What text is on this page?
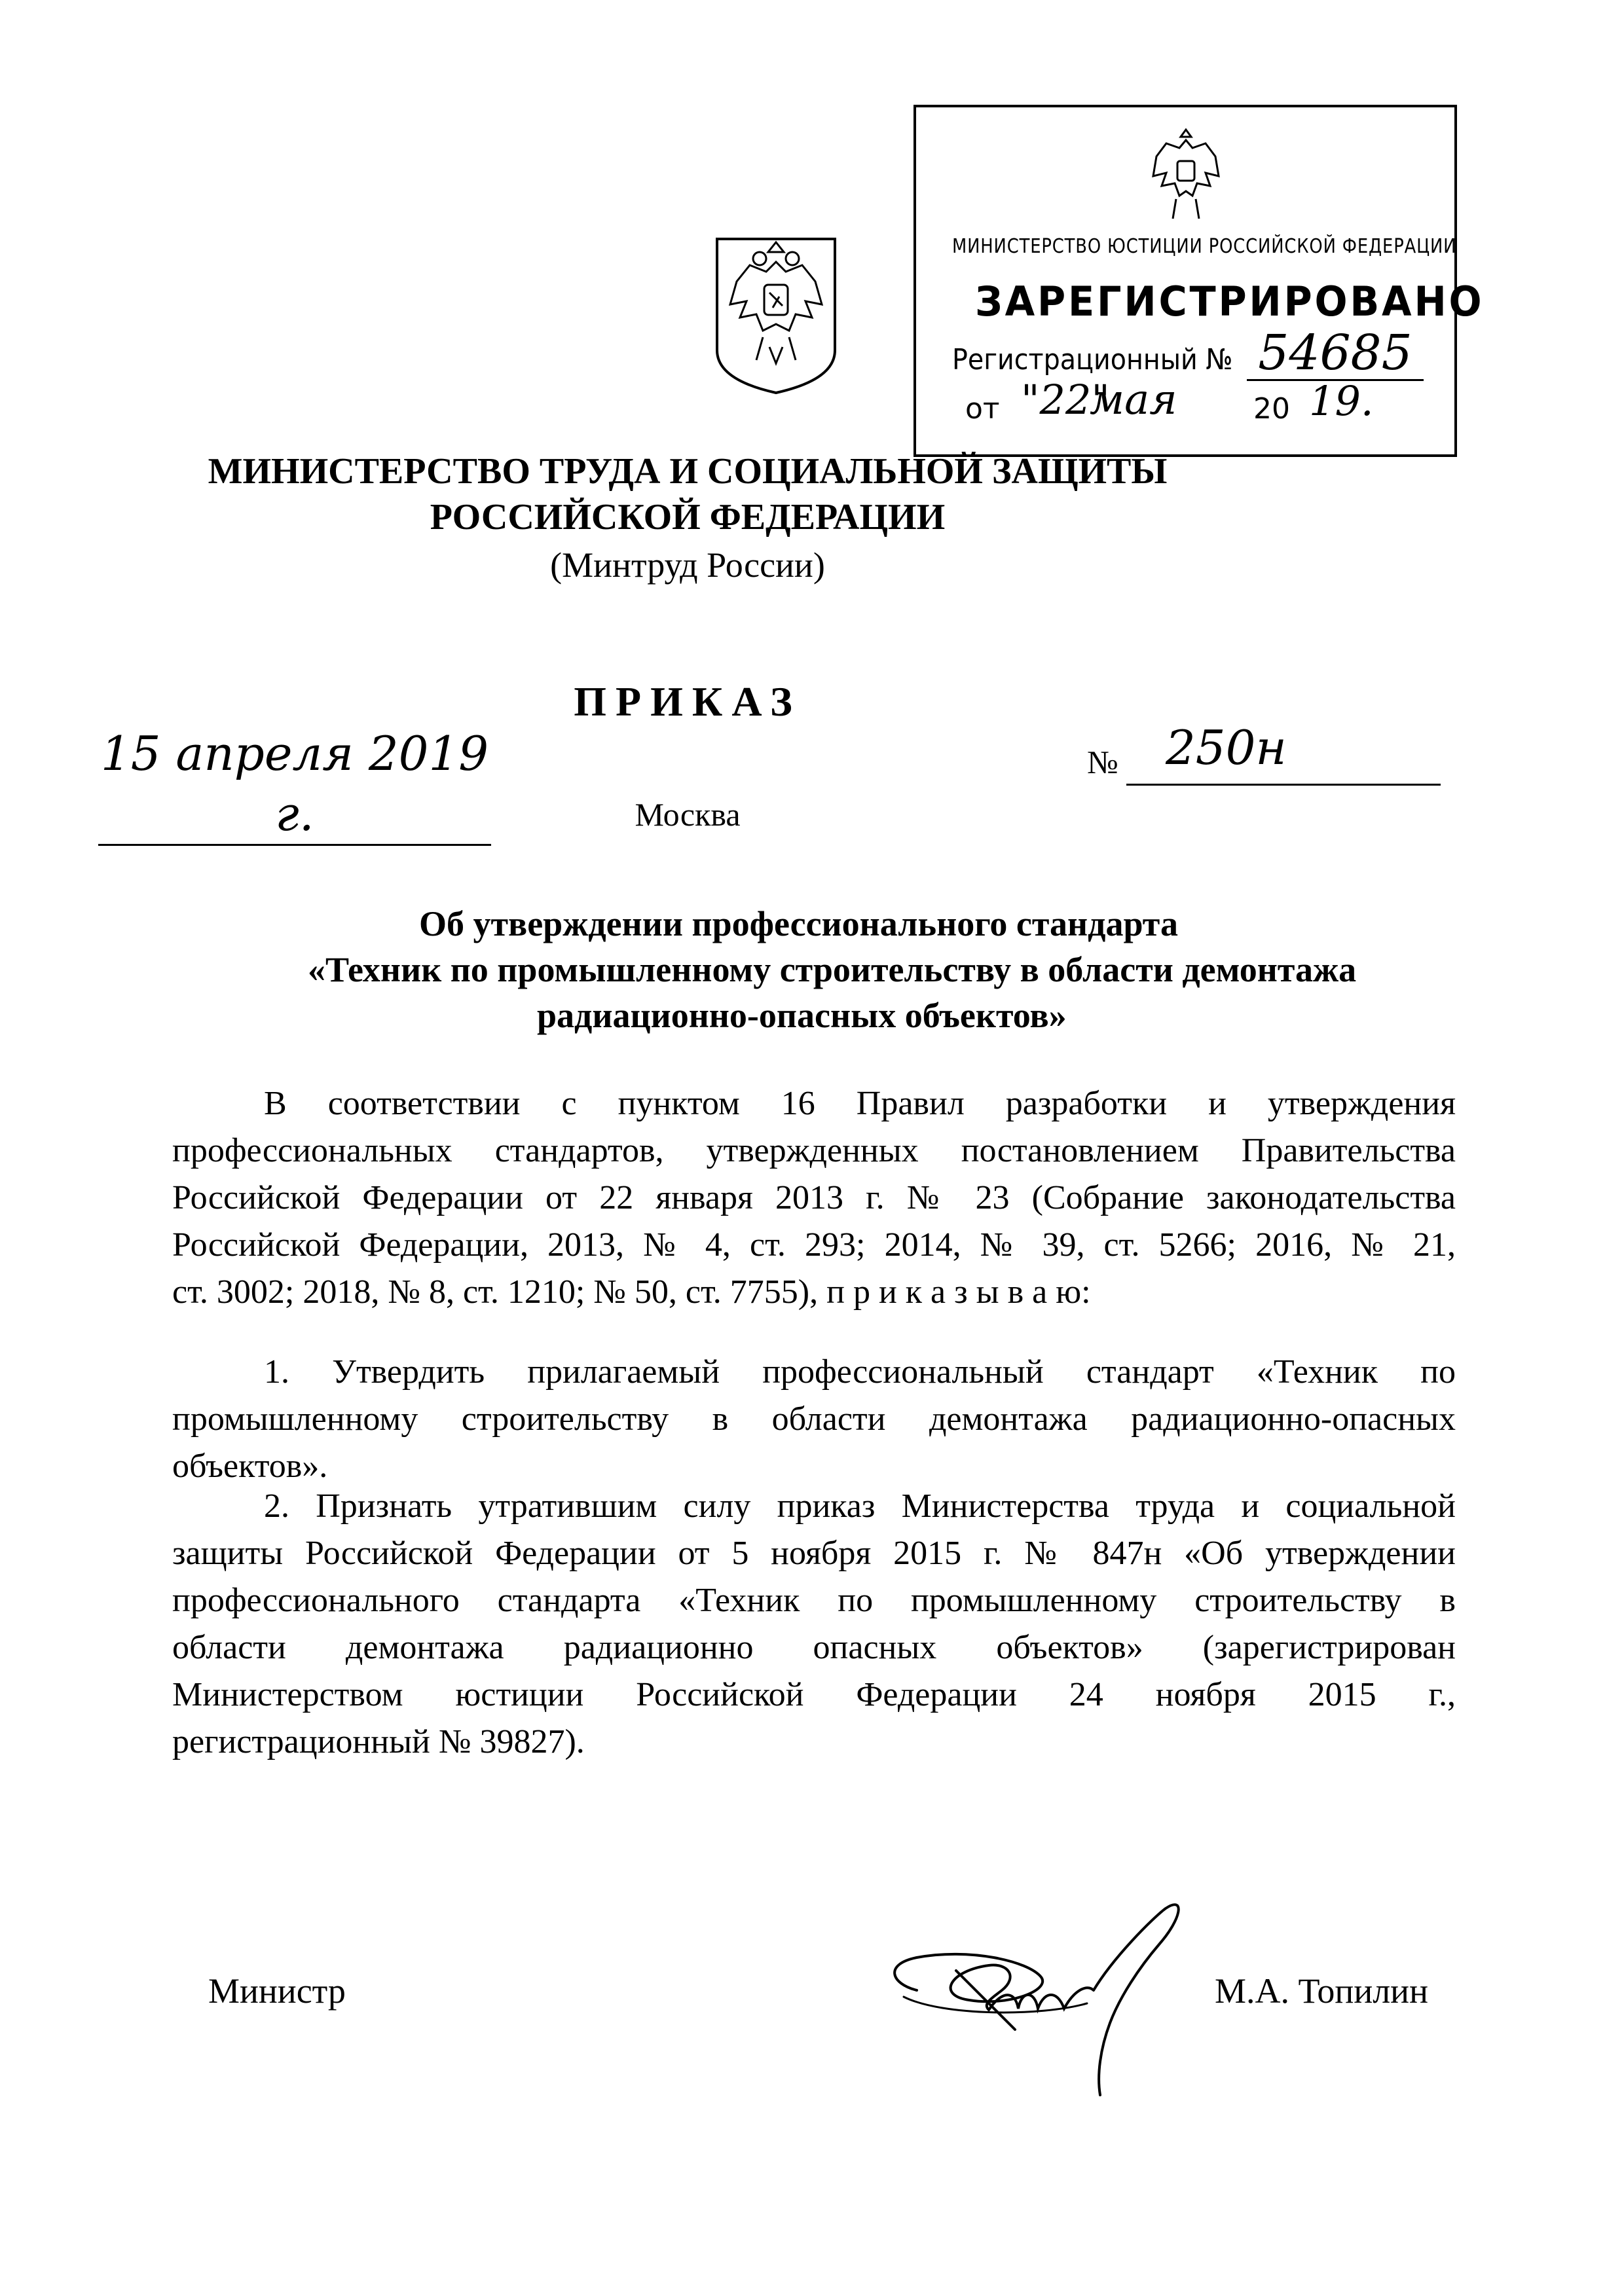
МИНИСТЕРСТВО ЮСТИЦИИ РОССИЙСКОЙ ФЕДЕРАЦИИ
ЗАРЕГИСТРИРОВАНО
Регистрационный № 54685
от "22"
мая	20 19.
МИНИСТЕРСТВО ТРУДА И СОЦИАЛЬНОЙ ЗАЩИТЫ
РОССИЙСКОЙ ФЕДЕРАЦИИ
(Минтруд России)
ПРИКАЗ
15 апреля 2019 г.
№ 250н
Москва
Об утверждении профессионального стандарта
«Техник по промышленному строительству в области демонтажа
радиационно-опасных объектов»
В соответствии с пунктом 16 Правил разработки и утверждения
профессиональных стандартов, утвержденных постановлением Правительства
Российской Федерации от 22 января 2013 г. № 23 (Собрание законодательства
Российской Федерации, 2013, № 4, ст. 293; 2014, № 39, ст. 5266; 2016, № 21,
ст. 3002; 2018, № 8, ст. 1210; № 50, ст. 7755), п р и к а з ы в а ю:
1. Утвердить прилагаемый профессиональный стандарт «Техник по
промышленному строительству в области демонтажа радиационно-опасных
объектов».
2. Признать утратившим силу приказ Министерства труда и социальной
защиты Российской Федерации от 5 ноября 2015 г. № 847н «Об утверждении
профессионального стандарта «Техник по промышленному строительству в
области демонтажа радиационно опасных объектов» (зарегистрирован
Министерством юстиции Российской Федерации 24 ноября 2015 г.,
регистрационный № 39827).
Министр	М.А. Топилин
